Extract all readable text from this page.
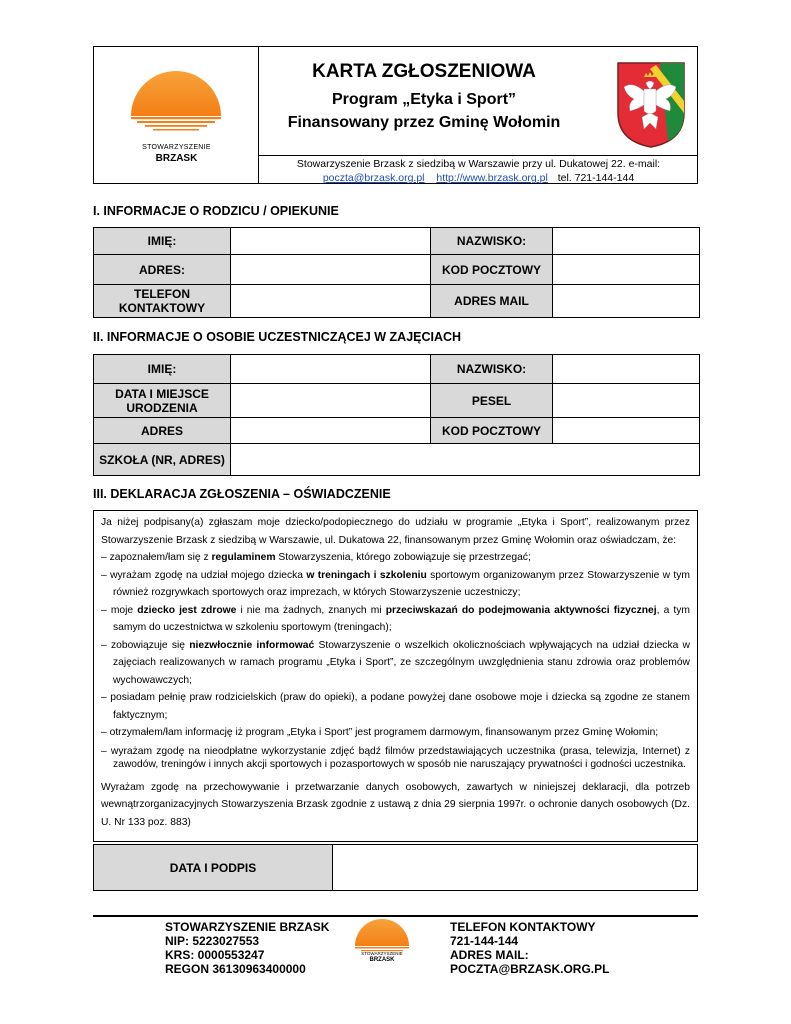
STOWARZYSZENIE
BRZASK
KARTA ZGŁOSZENIOWA
Program „Etyka i Sport”
Finansowany przez Gminę Wołomin
Stowarzyszenie Brzask z siedzibą w Warszawie przy ul. Dukatowej 22. e-mail:
poczta@brzask.org.pl http://www.brzask.org.pl tel. 721-144-144
I. INFORMACJE O RODZICU / OPIEKUNIE
IMIĘ:		NAZWISKO:	
ADRES:		KOD POCZTOWY	
TELEFON KONTAKTOWY		ADRES MAIL	
II. INFORMACJE O OSOBIE UCZESTNICZĄCEJ W ZAJĘCIACH
IMIĘ:		NAZWISKO:	
DATA I MIEJSCE URODZENIA		PESEL	
ADRES		KOD POCZTOWY	
SZKOŁA (NR, ADRES)			
III. DEKLARACJA ZGŁOSZENIA – OŚWIADCZENIE

Ja niżej podpisany(a) zgłaszam moje dziecko/podopiecznego do udziału w programie „Etyka i Sport”, realizowanym przez Stowarzyszenie Brzask z siedzibą w Warszawie, ul. Dukatowa 22, finansowanym przez Gminę Wołomin oraz oświadczam, że:

– zapoznałem/łam się z regulaminem Stowarzyszenia, którego zobowiązuje się przestrzegać;
– wyrażam zgodę na udział mojego dziecka w treningach i szkoleniu sportowym organizowanym przez Stowarzyszenie w tym również rozgrywkach sportowych oraz imprezach, w których Stowarzyszenie uczestniczy;
– moje dziecko jest zdrowe i nie ma żadnych, znanych mi przeciwskazań do podejmowania aktywności fizycznej, a tym samym do uczestnictwa w szkoleniu sportowym (treningach);
– zobowiązuje się niezwłocznie informować Stowarzyszenie o wszelkich okolicznościach wpływających na udział dziecka w zajęciach realizowanych w ramach programu „Etyka i Sport”, ze szczególnym uwzględnienia stanu zdrowia oraz problemów wychowawczych;
– posiadam pełnię praw rodzicielskich (praw do opieki), a podane powyżej dane osobowe moje i dziecka są zgodne ze stanem faktycznym;
– otrzymałem/łam informację iż program „Etyka i Sport” jest programem darmowym, finansowanym przez Gminę Wołomin;
– wyrażam zgodę na nieodpłatne wykorzystanie zdjęć bądź filmów przedstawiających uczestnika (prasa, telewizja, Internet) z zawodów, treningów i innych akcji sportowych i pozasportowych w sposób nie naruszający prywatności i godności uczestnika.

Wyrażam zgodę na przechowywanie i przetwarzanie danych osobowych, zawartych w niniejszej deklaracji, dla potrzeb wewnątrzorganizacyjnych Stowarzyszenia Brzask zgodnie z ustawą z dnia 29 sierpnia 1997r. o ochronie danych osobowych (Dz. U. Nr 133 poz. 883)

DATA I PODPIS
STOWARZYSZENIE BRZASK
NIP: 5223027553
KRS: 0000553247
REGON 36130963400000
STOWARZYSZENIE
BRZASK
TELEFON KONTAKTOWY
721-144-144
ADRES MAIL:
POCZTA@BRZASK.ORG.PL
